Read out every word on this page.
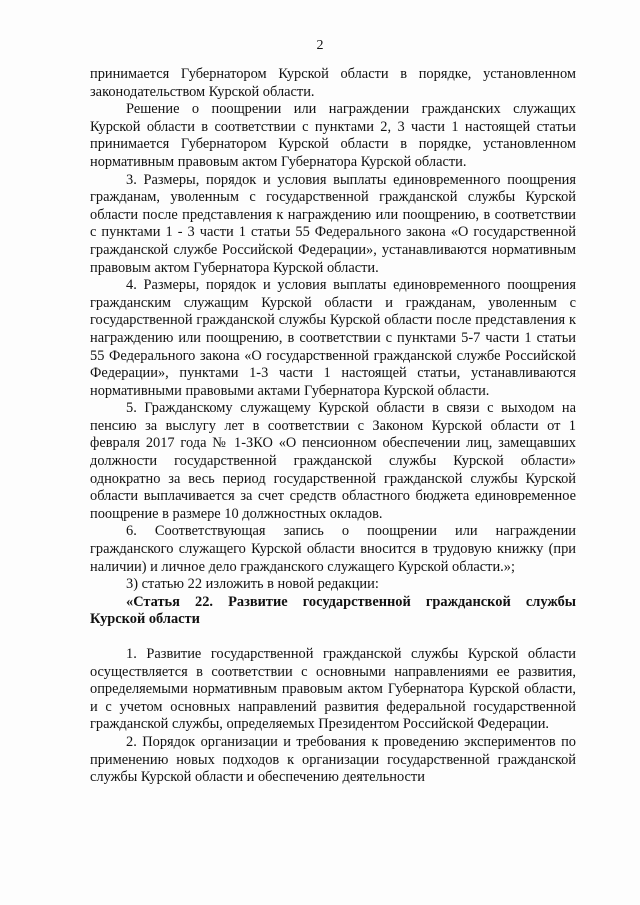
2

принимается Губернатором Курской области в порядке, установленном законодательством Курской области.

Решение о поощрении или награждении гражданских служащих Курской области в соответствии с пунктами 2, 3 части 1 настоящей статьи принимается Губернатором Курской области в порядке, установленном нормативным правовым актом Губернатора Курской области.

3. Размеры, порядок и условия выплаты единовременного поощрения гражданам, уволенным с государственной гражданской службы Курской области после представления к награждению или поощрению, в соответствии с пунктами 1 - 3 части 1 статьи 55 Федерального закона «О государственной гражданской службе Российской Федерации», устанавливаются нормативным правовым актом Губернатора Курской области.

4. Размеры, порядок и условия выплаты единовременного поощрения гражданским служащим Курской области и гражданам, уволенным с государственной гражданской службы Курской области после представления к награждению или поощрению, в соответствии с пунктами 5-7 части 1 статьи 55 Федерального закона «О государственной гражданской службе Российской Федерации», пунктами 1-3 части 1 настоящей статьи, устанавливаются нормативными правовыми актами Губернатора Курской области.

5. Гражданскому служащему Курской области в связи с выходом на пенсию за выслугу лет в соответствии с Законом Курской области от 1 февраля 2017 года № 1-ЗКО «О пенсионном обеспечении лиц, замещавших должности государственной гражданской службы Курской области» однократно за весь период государственной гражданской службы Курской области выплачивается за счет средств областного бюджета единовременное поощрение в размере 10 должностных окладов.

6. Соответствующая запись о поощрении или награждении гражданского служащего Курской области вносится в трудовую книжку (при наличии) и личное дело гражданского служащего Курской области.»;

3) статью 22 изложить в новой редакции:

«Статья 22. Развитие государственной гражданской службы Курской области

1. Развитие государственной гражданской службы Курской области осуществляется в соответствии с основными направлениями ее развития, определяемыми нормативным правовым актом Губернатора Курской области, и с учетом основных направлений развития федеральной государственной гражданской службы, определяемых Президентом Российской Федерации.

2. Порядок организации и требования к проведению экспериментов по применению новых подходов к организации государственной гражданской службы Курской области и обеспечению деятельности
